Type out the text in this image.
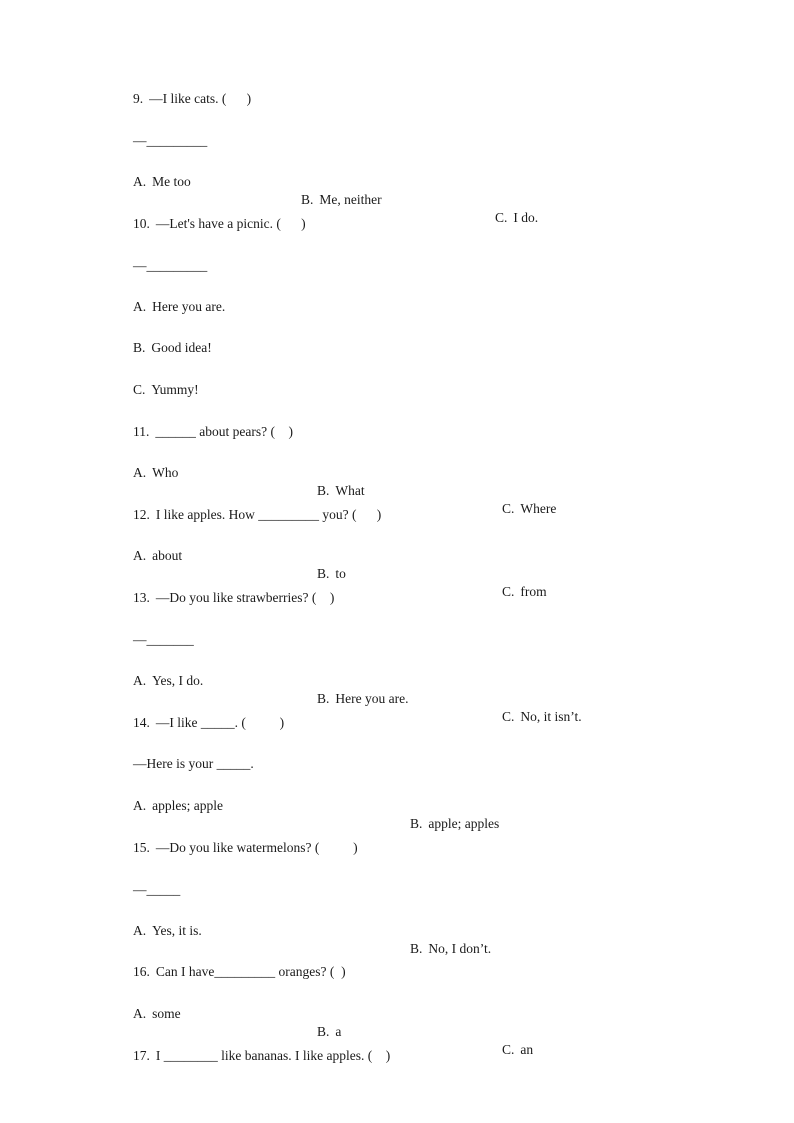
9. —I like cats. (      )

—_________

A. Me too

B. Me, neither

C. I do.

10. —Let's have a picnic. (      )

—_________

A. Here you are.

B. Good idea!

C. Yummy!

11. ______ about pears? (    )

A. Who

B. What

C. Where

12. I like apples. How _________ you? (      )

A. about

B. to

C. from

13. —Do you like strawberries? (    )

—_______

A. Yes, I do.

B. Here you are.

C. No, it isn’t.

14. —I like _____. (          )

—Here is your _____.

A. apples; apple

B. apple; apples

15. —Do you like watermelons? (          )

—_____

A. Yes, it is.

B. No, I don’t.

16. Can I have_________ oranges? (  )

A. some

B. a

C. an

17. I ________ like bananas. I like apples. (    )
